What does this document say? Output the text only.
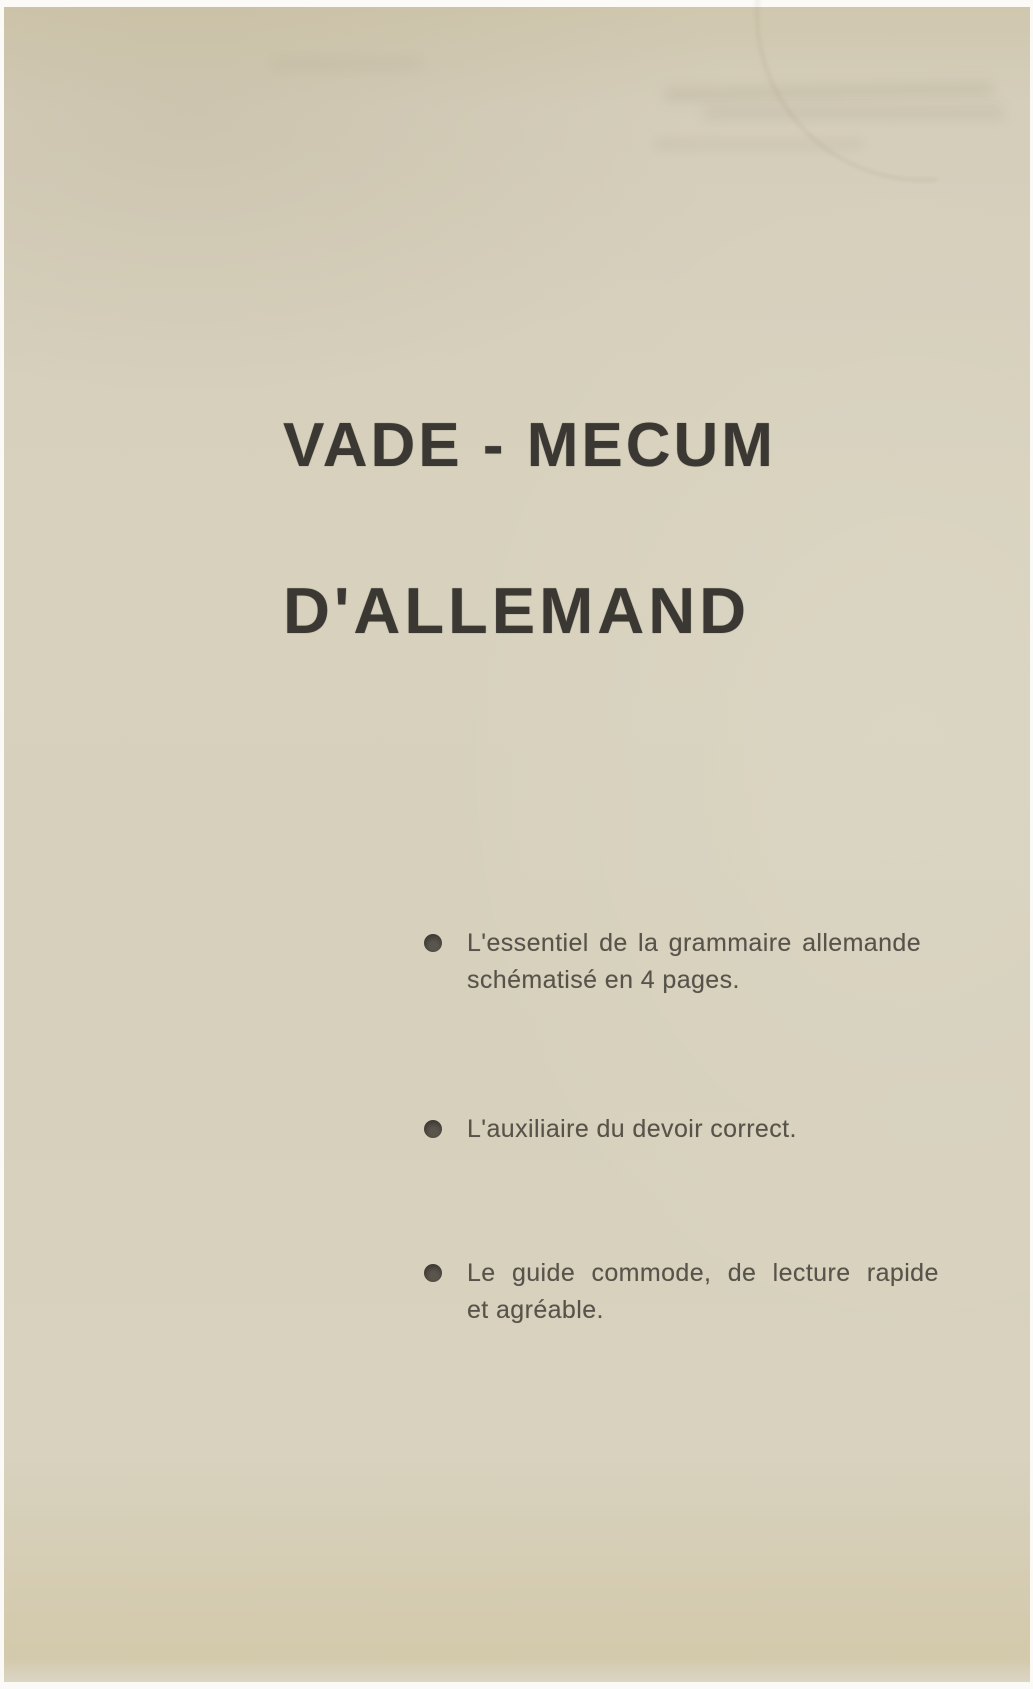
VADE - MECUM
D'ALLEMAND
L'essentiel de la grammaire allemande
schématisé en 4 pages.
L'auxiliaire du devoir correct.
Le guide commode, de lecture rapide
et agréable.
